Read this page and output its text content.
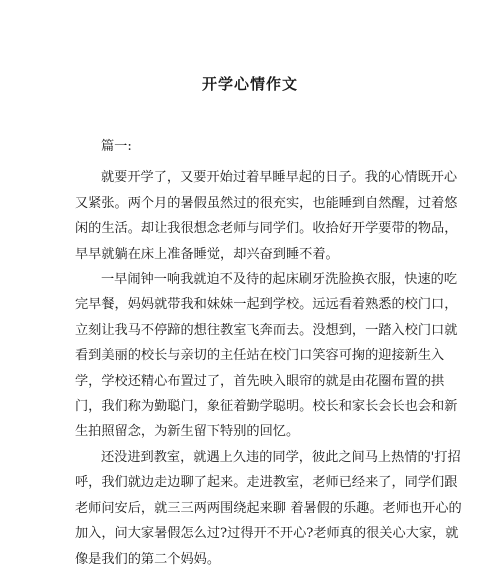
开学心情作文
篇一:
就要开学了，又要开始过着早睡早起的日子。我的心情既开心
又紧张。两个月的暑假虽然过的很充实，也能睡到自然醒，过着悠
闲的生活。却让我很想念老师与同学们。收拾好开学要带的物品，
早早就躺在床上准备睡觉，却兴奋到睡不着。
一早闹钟一响我就迫不及待的起床刷牙洗脸换衣服，快速的吃
完早餐，妈妈就带我和妹妹一起到学校。远远看着熟悉的校门口，
立刻让我马不停蹄的想往教室飞奔而去。没想到，一踏入校门口就
看到美丽的校长与亲切的主任站在校门口笑容可掬的迎接新生入
学，学校还精心布置过了，首先映入眼帘的就是由花圈布置的拱
门，我们称为勤聪门，象征着勤学聪明。校长和家长会长也会和新
生拍照留念，为新生留下特别的回忆。
还没进到教室，就遇上久违的同学，彼此之间马上热情的'打招
呼，我们就边走边聊了起来。走进教室，老师已经来了，同学们跟
老师问安后，就三三两两围绕起来聊 着暑假的乐趣。老师也开心的
加入，问大家暑假怎么过?过得开不开心?老师真的很关心大家，就
像是我们的第二个妈妈。
